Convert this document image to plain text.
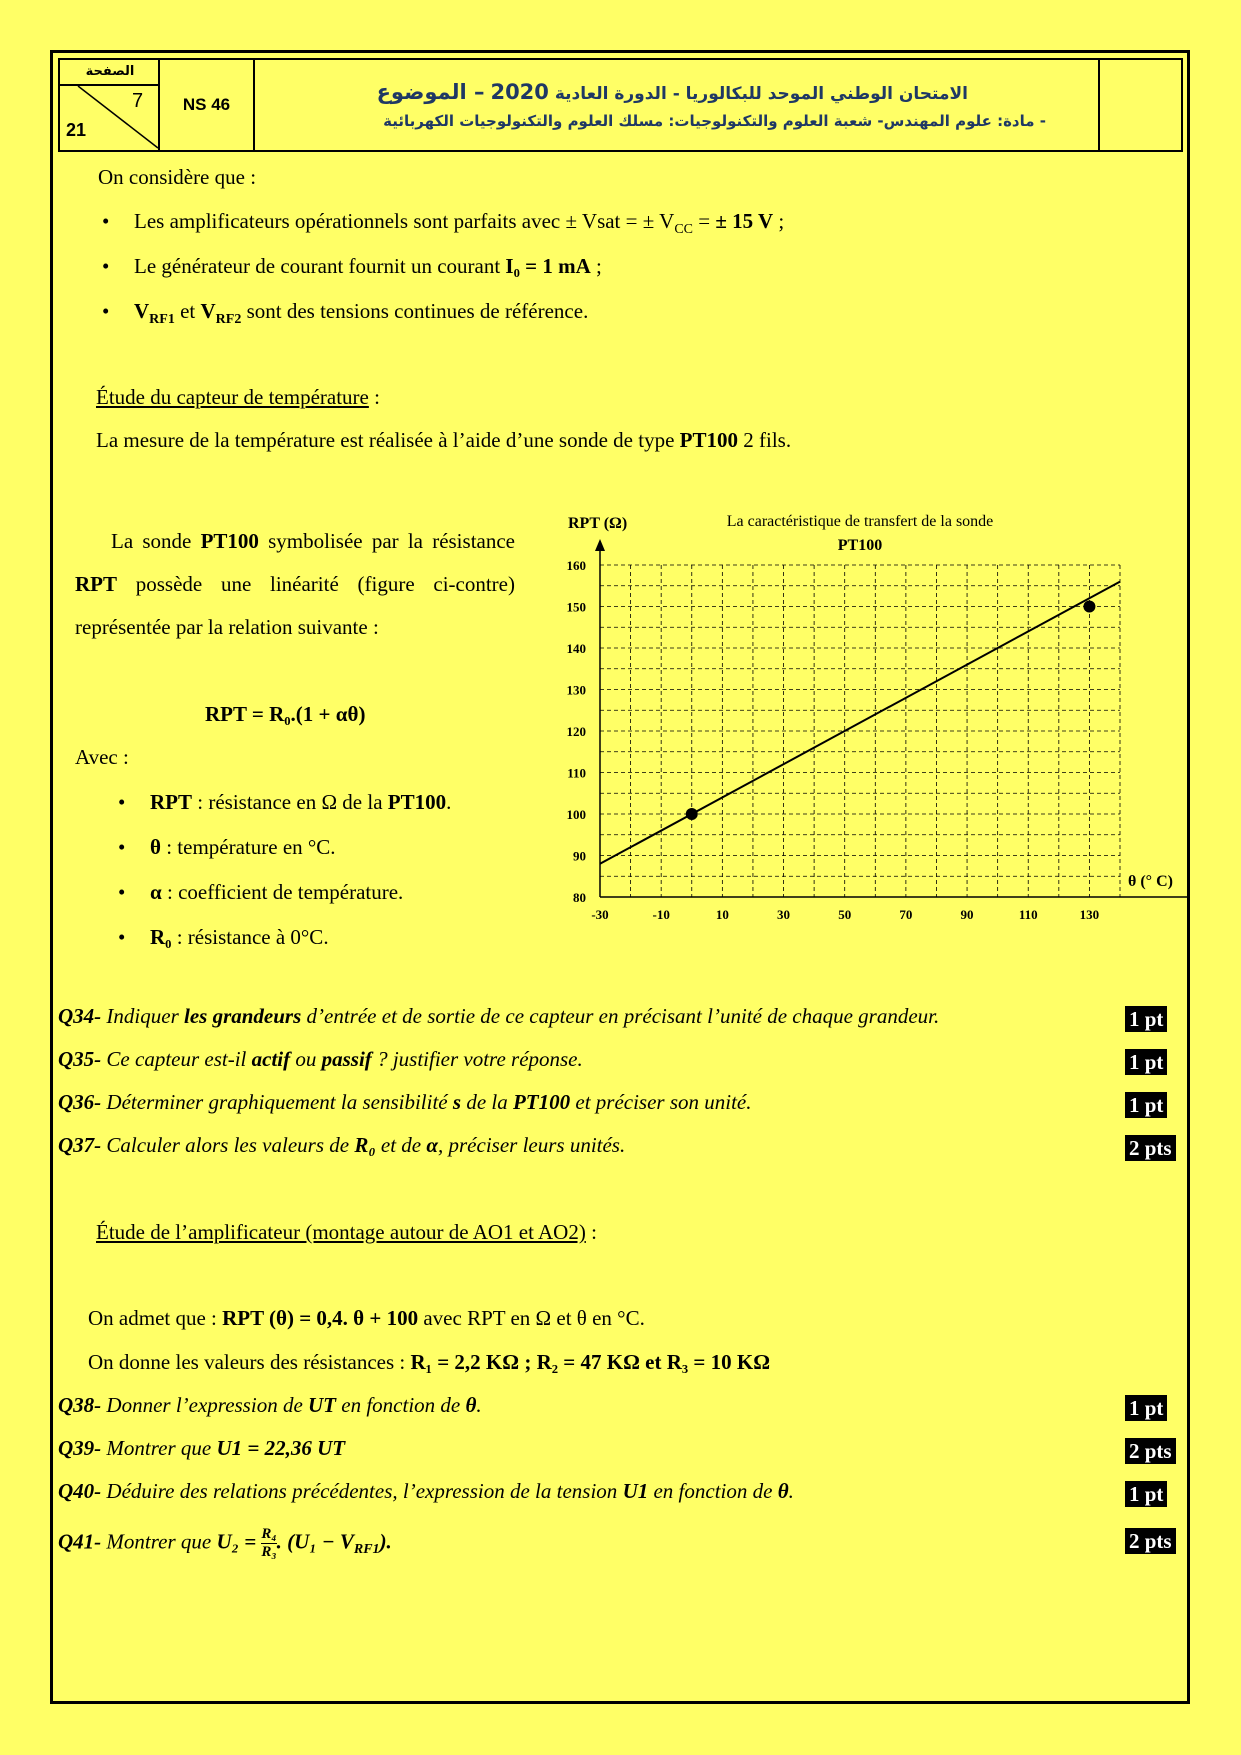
الصفحة
7
21
NS 46
الامتحان الوطني الموحد للبكالوريا - الدورة العادية 2020 – الموضوع
- مادة: علوم المهندس- شعبة العلوم والتكنولوجيات: مسلك العلوم والتكنولوجيات الكهربائية
On considère que :
• Les amplificateurs opérationnels sont parfaits avec ± Vsat = ± $V_{CC}$ = ± 15 V ;
• Le générateur de courant fournit un courant I₀ = 1 mA ;
• $V_{RF1}$ et $V_{RF2}$ sont des tensions continues de référence.
Étude du capteur de température :
La mesure de la température est réalisée à l’aide d’une sonde de type PT100 2 fils.
La sonde PT100 symbolisée par la résistance RPT possède une linéarité (figure ci-contre) représentée par la relation suivante :
RPT = R₀.(1 + αθ)
Avec :
• RPT : résistance en Ω de la PT100.
• θ : température en °C.
• α : coefficient de température.
• R₀ : résistance à 0°C.
80
90
100
110
120
130
140
150
160
-30	-10	10	30	50	70	90	110	130
RPT (Ω)
θ (° C)
La caractéristique de transfert de la sonde
PT100
Q34- Indiquer les grandeurs d’entrée et de sortie de ce capteur en précisant l’unité de chaque grandeur.	1 pt
Q35- Ce capteur est-il actif ou passif ? justifier votre réponse.	1 pt
Q36- Déterminer graphiquement la sensibilité s de la PT100 et préciser son unité.	1 pt
Q37- Calculer alors les valeurs de R₀ et de α, préciser leurs unités.	2 pts
Étude de l’amplificateur (montage autour de AO1 et AO2) :
On admet que : RPT (θ) = 0,4. θ + 100 avec RPT en Ω et θ en °C.
On donne les valeurs des résistances : R₁ = 2,2 KΩ ; R₂ = 47 KΩ et R₃ = 10 KΩ
Q38- Donner l’expression de UT en fonction de θ.	1 pt
Q39- Montrer que U1 = 22,36 UT	2 pts
Q40- Déduire des relations précédentes, l’expression de la tension U1 en fonction de θ.	1 pt
Q41- Montrer que $U_2 = \frac{\text{R₄}}{\text{R₃}}$ . $(U_1 - V_{RF1})$.	2 pts
